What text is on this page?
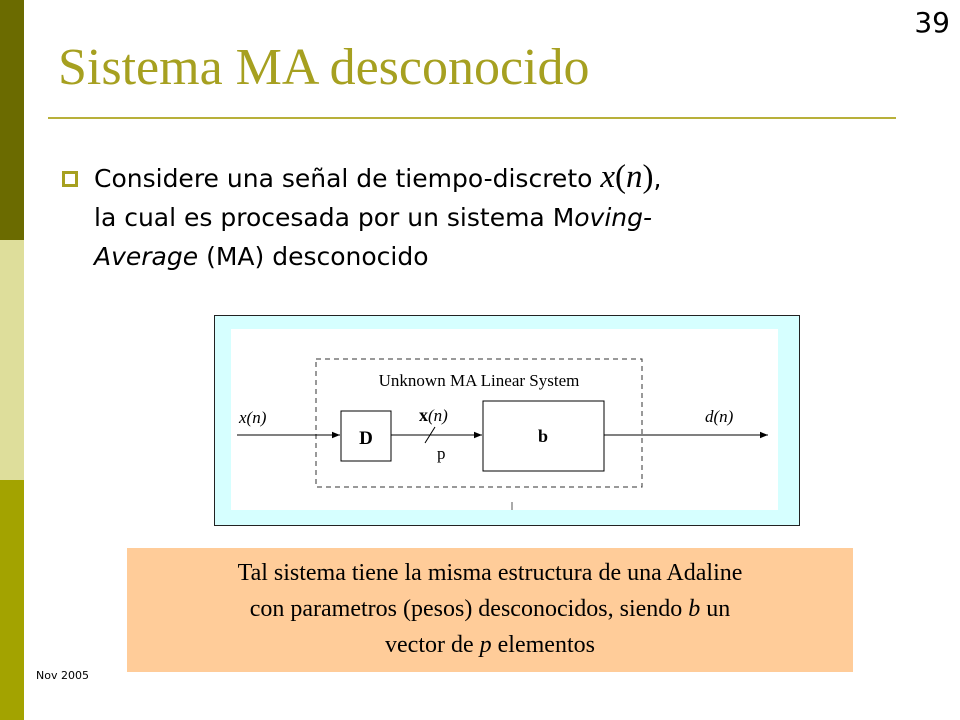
39
Sistema MA desconocido
Considere una señal de tiempo-discreto x(n),
la cual es procesada por un sistema Moving-
Average (MA) desconocido
Unknown MA Linear System
x(n)
D
x(n)
p
b
d(n)
Nov 2005
Tal sistema tiene la misma estructura de una Adaline
con parametros (pesos) desconocidos, siendo b un
vector de p elementos
